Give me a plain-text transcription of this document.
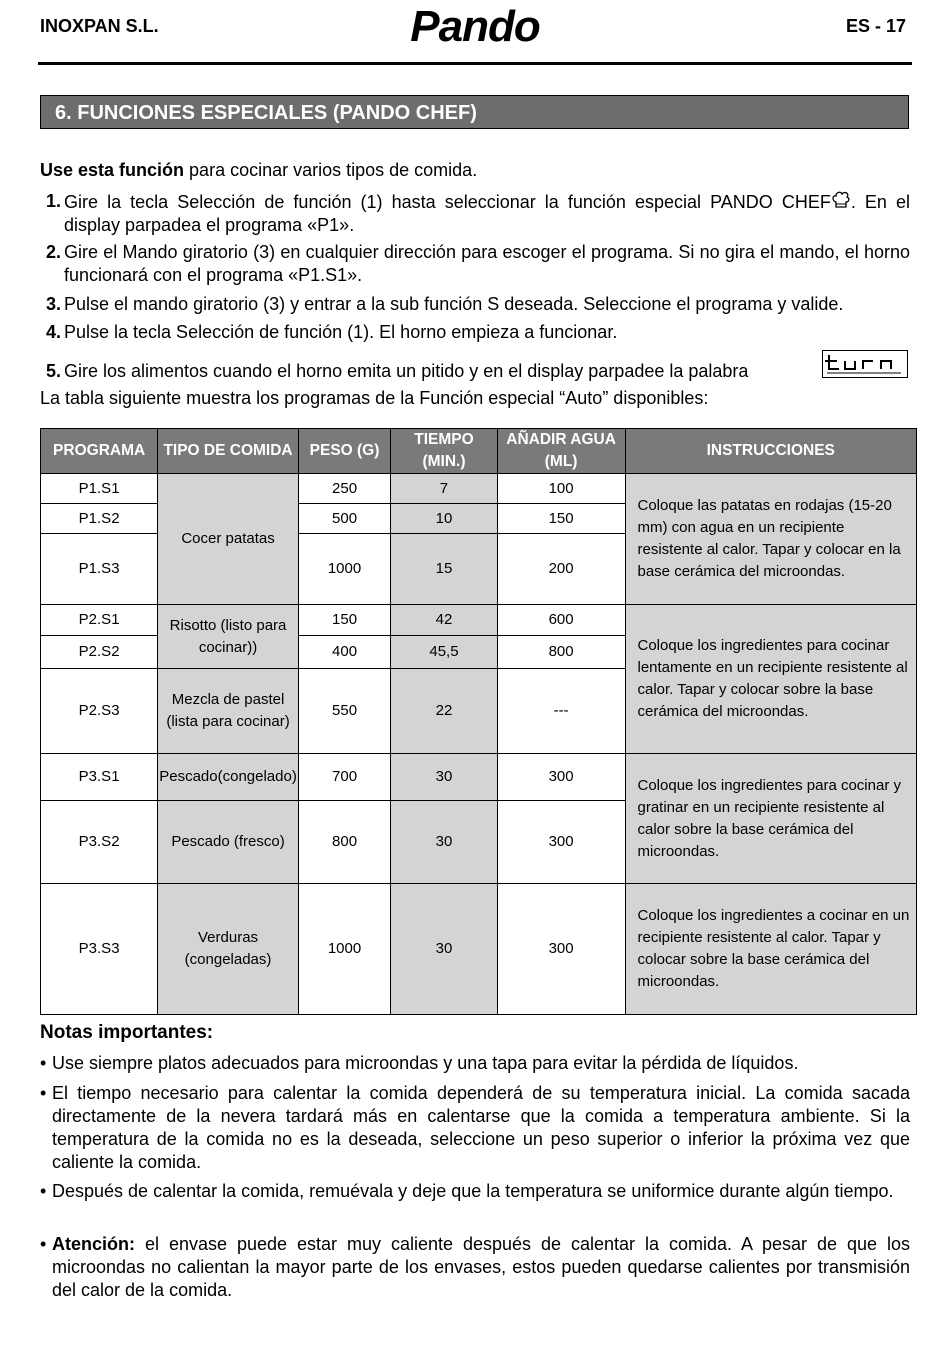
INOXPAN S.L.	Pando	ES - 17
6. FUNCIONES ESPECIALES (PANDO CHEF)
Use esta función para cocinar varios tipos de comida.
1. Gire la tecla Selección de función (1) hasta seleccionar la función especial PANDO CHEF . En el display parpadea el programa «P1».
2. Gire el Mando giratorio (3) en cualquier dirección para escoger el programa. Si no gira el mando, el horno funcionará con el programa «P1.S1».
3. Pulse el mando giratorio (3) y entrar a la sub función S deseada. Seleccione el programa y valide.
4. Pulse la tecla Selección de función (1). El horno empieza a funcionar.
5. Gire los alimentos cuando el horno emita un pitido y en el display parpadee la palabra
La tabla siguiente muestra los programas de la Función especial “Auto” disponibles:
PROGRAMA	TIPO DE COMIDA	PESO (G)	TIEMPO (MIN.)	AÑADIR AGUA (ML)	INSTRUCCIONES
P1.S1	Cocer patatas	250	7	100	Coloque las patatas en rodajas (15-20 mm) con agua en un recipiente resistente al calor. Tapar y colocar en la base cerámica del microondas.
P1.S2		500	10	150	
P1.S3		1000	15	200	
P2.S1	Risotto (listo para cocinar))	150	42	600	Coloque los ingredientes para cocinar lentamente en un recipiente resistente al calor. Tapar y colocar sobre la base cerámica del microondas.
P2.S2		400	45,5	800	
P2.S3	Mezcla de pastel (lista para cocinar)	550	22	---	
P3.S1	Pescado(congelado)	700	30	300	Coloque los ingredientes para cocinar y gratinar en un recipiente resistente al calor sobre la base cerámica del microondas.
P3.S2	Pescado (fresco)	800	30	300	
P3.S3	Verduras (congeladas)	1000	30	300	Coloque los ingredientes a cocinar en un recipiente resistente al calor. Tapar y colocar sobre la base cerámica del microondas.
Notas importantes:
• Use siempre platos adecuados para microondas y una tapa para evitar la pérdida de líquidos.
• El tiempo necesario para calentar la comida dependerá de su temperatura inicial. La comida sacada directamente de la nevera tardará más en calentarse que la comida a temperatura ambiente. Si la temperatura de la comida no es la deseada, seleccione un peso superior o inferior la próxima vez que caliente la comida.
• Después de calentar la comida, remuévala y deje que la temperatura se uniformice durante algún tiempo.
• Atención: el envase puede estar muy caliente después de calentar la comida. A pesar de que los microondas no calientan la mayor parte de los envases, estos pueden quedarse calientes por transmisión del calor de la comida.
